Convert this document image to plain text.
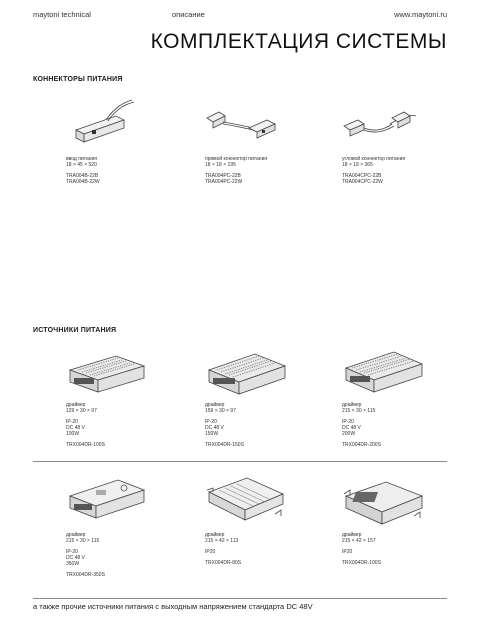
maytoni technical	описание	www.maytoni.ru
КОМПЛЕКТАЦИЯ СИСТЕМЫ
КОННЕКТОРЫ ПИТАНИЯ
ввод питания
18 × 45 × 520
TRA004B-22B
TRA004B-22W
прямой коннектор питания
18 × 18 × 195
TRA004PC-22B
TRA004PC-22W
угловой коннектор питания
18 × 18 × 365
TRA004CPC-22B
TRA004CPC-22W
ИСТОЧНИКИ ПИТАНИЯ
драйвер
129 × 30 × 97
IP-20
DC 48 V
100W
TRX004DR-100S
драйвер
159 × 30 × 97
IP-20
DC 48 V
150W
TRX004DR-150S
драйвер
215 × 30 × 115
IP-20
DC 48 V
200W
TRX004DR-200S
драйвер
215 × 30 × 115
IP-20
DC 48 V
350W
TRX004DR-350S
драйвер
215 × 42 × 113
IP20
TRX004DR-80S
драйвер
215 × 42 × 157
IP20
TRX004DR-100S
а также прочие источники питания с выходным напряжением стандарта DC 48V
